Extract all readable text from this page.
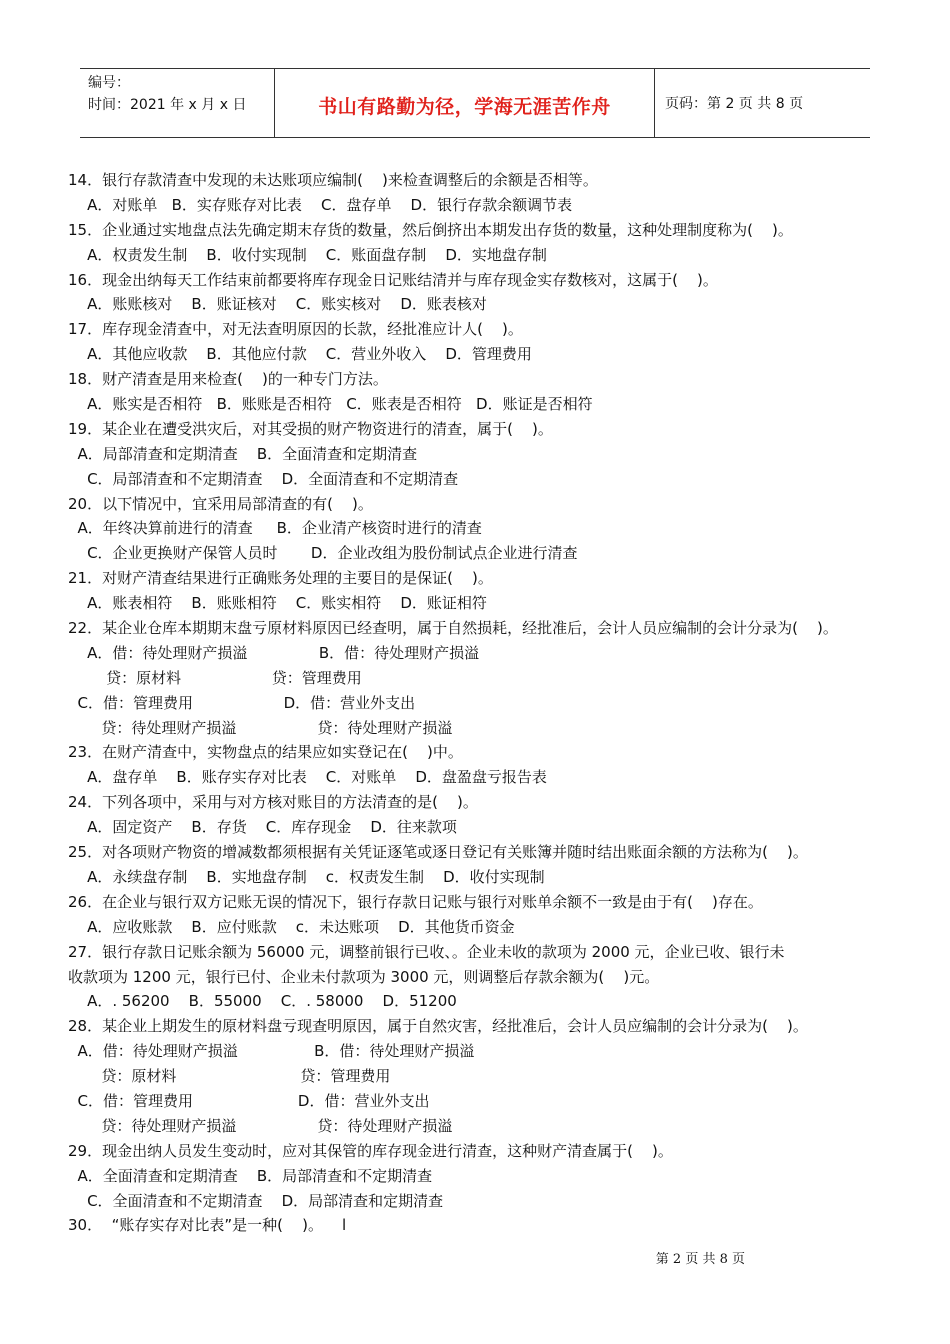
编号：
时间：2021 年 x 月 x 日	书山有路勤为径，学海无涯苦作舟	页码：第 2 页 共 8 页
14．银行存款清查中发现的未达账项应编制(    )来检查调整后的余额是否相等。
A．对账单   B．实存账存对比表    C．盘存单    D．银行存款余额调节表
15．企业通过实地盘点法先确定期末存货的数量，然后倒挤出本期发出存货的数量，这种处理制度称为(    )。
A．权责发生制    B．收付实现制    C．账面盘存制    D．实地盘存制
16．现金出纳每天工作结束前都要将库存现金日记账结清并与库存现金实存数核对，这属于(    )。
A．账账核对    B．账证核对    C．账实核对    D．账表核对
17．库存现金清查中，对无法查明原因的长款，经批准应计人(    )。
A．其他应收款    B．其他应付款    C．营业外收入    D．管理费用
18．财产清查是用来检查(    )的一种专门方法。
A．账实是否相符   B．账账是否相符   C．账表是否相符   D．账证是否相符
19．某企业在遭受洪灾后，对其受损的财产物资进行的清查，属于(    )。
A．局部清查和定期清查    B．全面清查和定期清查
C．局部清查和不定期清查    D．全面清查和不定期清查
20．以下情况中，宜采用局部清查的有(    )。
A．年终决算前进行的清查     B．企业清产核资时进行的清查
C．企业更换财产保管人员时       D．企业改组为股份制试点企业进行清查
21．对财产清查结果进行正确账务处理的主要目的是保证(    )。
A．账表相符    B．账账相符    C．账实相符    D．账证相符
22．某企业仓库本期期末盘亏原材料原因已经查明，属于自然损耗，经批准后，会计人员应编制的会计分录为(    )。
A．借：待处理财产损溢               B．借：待处理财产损溢
贷：原材料                   贷：管理费用
C．借：管理费用                   D．借：营业外支出
贷：待处理财产损溢                 贷：待处理财产损溢
23．在财产清查中，实物盘点的结果应如实登记在(    )中。
A．盘存单    B．账存实存对比表    C．对账单    D．盘盈盘亏报告表
24．下列各项中，采用与对方核对账目的方法清查的是(    )。
A．固定资产    B．存货    C．库存现金    D．往来款项
25．对各项财产物资的增减数都须根据有关凭证逐笔或逐日登记有关账簿并随时结出账面余额的方法称为(    )。
A．永续盘存制    B．实地盘存制    c．权责发生制    D．收付实现制
26．在企业与银行双方记账无误的情况下，银行存款日记账与银行对账单余额不一致是由于有(    )存在。
A．应收账款    B．应付账款    c．未达账项    D．其他货币资金
27．银行存款日记账余额为 56000 元，调整前银行已收、。企业未收的款项为 2000 元，企业已收、银行未
收款项为 1200 元，银行已付、企业未付款项为 3000 元，则调整后存款余额为(    )元。
A．. 56200    B．55000    C．. 58000    D．51200
28．某企业上期发生的原材料盘亏现查明原因，属于自然灾害，经批准后，会计人员应编制的会计分录为(    )。
A．借：待处理财产损溢                B．借：待处理财产损溢
贷：原材料                          贷：管理费用
C．借：管理费用                      D．借：营业外支出
贷：待处理财产损溢                 贷：待处理财产损溢
29．现金出纳人员发生变动时，应对其保管的库存现金进行清查，这种财产清查属于(    )。
A．全面清查和定期清查    B．局部清查和不定期清查
C．全面清查和不定期清查    D．局部清查和定期清查
30．  “账存实存对比表”是一种(    )。    l
第 2 页 共 8 页
